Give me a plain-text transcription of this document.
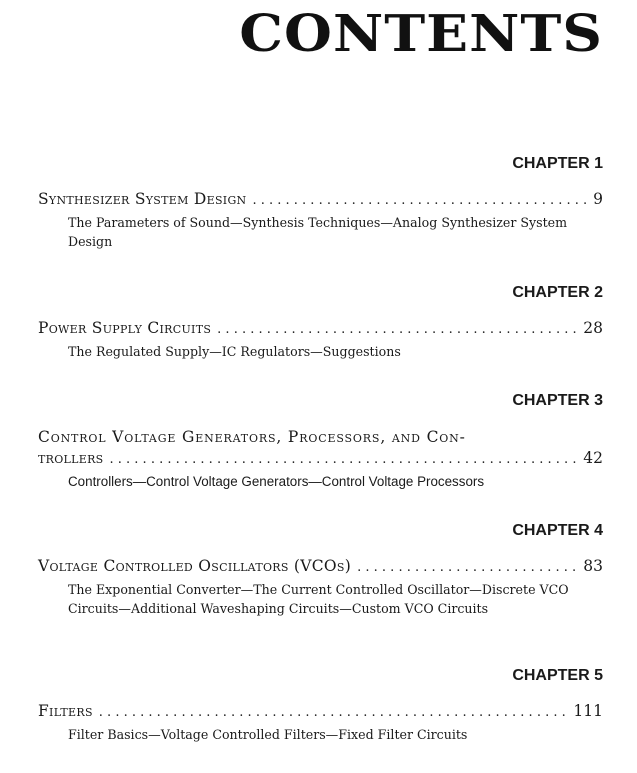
CONTENTS
CHAPTER 1
Synthesizer System Design . . .	9
The Parameters of Sound—Synthesis Techniques—Analog Synthesizer System Design
CHAPTER 2
Power Supply Circuits . . .	28
The Regulated Supply—IC Regulators—Suggestions
CHAPTER 3
Control Voltage Generators, Processors, and Con-
trollers . . .	42
Controllers—Control Voltage Generators—Control Voltage Processors
CHAPTER 4
Voltage Controlled Oscillators (VCOs) . . .	83
The Exponential Converter—The Current Controlled Oscillator—Discrete VCO Circuits—Additional Waveshaping Circuits—Custom VCO Circuits
CHAPTER 5
Filters . . .	111
Filter Basics—Voltage Controlled Filters—Fixed Filter Circuits
